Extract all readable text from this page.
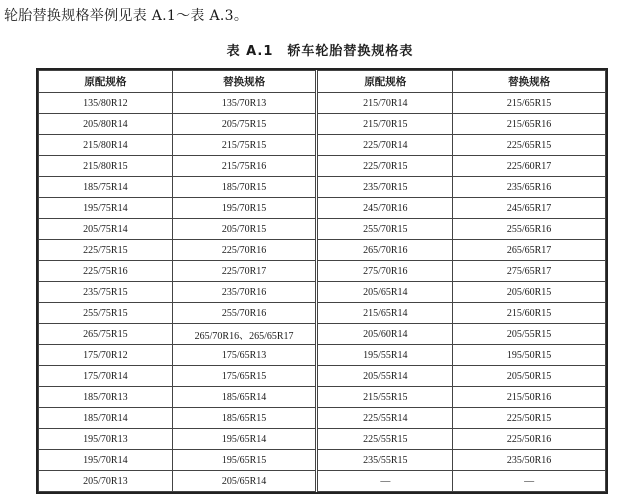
轮胎替换规格举例见表 A.1～表 A.3。
表 A.1　轿车轮胎替换规格表
原配规格	替换规格	原配规格	替换规格
135/80R12	135/70R13	215/70R14	215/65R15
205/80R14	205/75R15	215/70R15	215/65R16
215/80R14	215/75R15	225/70R14	225/65R15
215/80R15	215/75R16	225/70R15	225/60R17
185/75R14	185/70R15	235/70R15	235/65R16
195/75R14	195/70R15	245/70R16	245/65R17
205/75R14	205/70R15	255/70R15	255/65R16
225/75R15	225/70R16	265/70R16	265/65R17
225/75R16	225/70R17	275/70R16	275/65R17
235/75R15	235/70R16	205/65R14	205/60R15
255/75R15	255/70R16	215/65R14	215/60R15
265/75R15	265/70R16、265/65R17	205/60R14	205/55R15
175/70R12	175/65R13	195/55R14	195/50R15
175/70R14	175/65R15	205/55R14	205/50R15
185/70R13	185/65R14	215/55R15	215/50R16
185/70R14	185/65R15	225/55R14	225/50R15
195/70R13	195/65R14	225/55R15	225/50R16
195/70R14	195/65R15	235/55R15	235/50R16
205/70R13	205/65R14	—	—
